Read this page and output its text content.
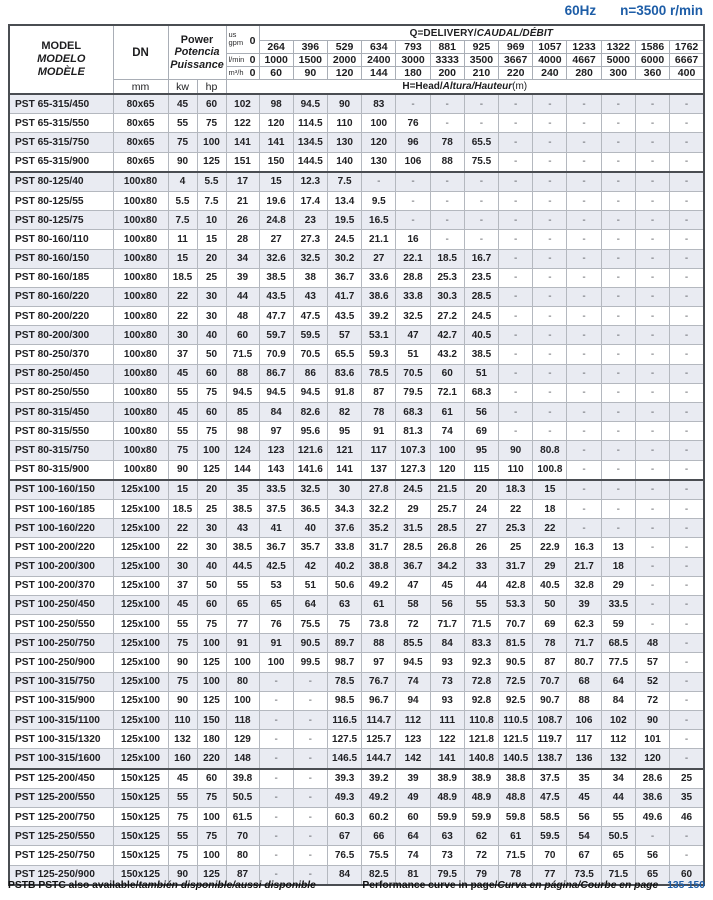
60Hz n=3500 r/min
MODEL
MODELO
MODÈLE
	DN	
Power
Potencia
Puissance

us
gpm 0
	Q=DELIVERY/CAUDAL/DÉBIT
					264	396	529	634	793	881	925	969	1057	1233	1322	1586	1762

				l/min 0	1000	1500	2000	2400	3000	3333	3500	3667	4000	4667	5000	6000	6667

				m³/h 0	60	90	120	144	180	200	210	220	240	280	300	360	400
	mm	kw	hp	H=Head/Altura/Hauteur(m)													
PST 65-315/450	80x65	45	60	102	98	94.5	90	83	-	-	-	-	-	-	-	-	-
PST 65-315/550	80x65	55	75	122	120	114.5	110	100	76	-	-	-	-	-	-	-	-
PST 65-315/750	80x65	75	100	141	141	134.5	130	120	96	78	65.5	-	-	-	-	-	-
PST 65-315/900	80x65	90	125	151	150	144.5	140	130	106	88	75.5	-	-	-	-	-	-
PST 80-125/40	100x80	4	5.5	17	15	12.3	7.5	-	-	-	-	-	-	-	-	-	-
PST 80-125/55	100x80	5.5	7.5	21	19.6	17.4	13.4	9.5	-	-	-	-	-	-	-	-	-
PST 80-125/75	100x80	7.5	10	26	24.8	23	19.5	16.5	-	-	-	-	-	-	-	-	-
PST 80-160/110	100x80	11	15	28	27	27.3	24.5	21.1	16	-	-	-	-	-	-	-	-
PST 80-160/150	100x80	15	20	34	32.6	32.5	30.2	27	22.1	18.5	16.7	-	-	-	-	-	-
PST 80-160/185	100x80	18.5	25	39	38.5	38	36.7	33.6	28.8	25.3	23.5	-	-	-	-	-	-
PST 80-160/220	100x80	22	30	44	43.5	43	41.7	38.6	33.8	30.3	28.5	-	-	-	-	-	-
PST 80-200/220	100x80	22	30	48	47.7	47.5	43.5	39.2	32.5	27.2	24.5	-	-	-	-	-	-
PST 80-200/300	100x80	30	40	60	59.7	59.5	57	53.1	47	42.7	40.5	-	-	-	-	-	-
PST 80-250/370	100x80	37	50	71.5	70.9	70.5	65.5	59.3	51	43.2	38.5	-	-	-	-	-	-
PST 80-250/450	100x80	45	60	88	86.7	86	83.6	78.5	70.5	60	51	-	-	-	-	-	-
PST 80-250/550	100x80	55	75	94.5	94.5	94.5	91.8	87	79.5	72.1	68.3	-	-	-	-	-	-
PST 80-315/450	100x80	45	60	85	84	82.6	82	78	68.3	61	56	-	-	-	-	-	-
PST 80-315/550	100x80	55	75	98	97	95.6	95	91	81.3	74	69	-	-	-	-	-	-
PST 80-315/750	100x80	75	100	124	123	121.6	121	117	107.3	100	95	90	80.8	-	-	-	-
PST 80-315/900	100x80	90	125	144	143	141.6	141	137	127.3	120	115	110	100.8	-	-	-	-
PST 100-160/150	125x100	15	20	35	33.5	32.5	30	27.8	24.5	21.5	20	18.3	15	-	-	-	-
PST 100-160/185	125x100	18.5	25	38.5	37.5	36.5	34.3	32.2	29	25.7	24	22	18	-	-	-	-
PST 100-160/220	125x100	22	30	43	41	40	37.6	35.2	31.5	28.5	27	25.3	22	-	-	-	-
PST 100-200/220	125x100	22	30	38.5	36.7	35.7	33.8	31.7	28.5	26.8	26	25	22.9	16.3	13	-	-
PST 100-200/300	125x100	30	40	44.5	42.5	42	40.2	38.8	36.7	34.2	33	31.7	29	21.7	18	-	-
PST 100-200/370	125x100	37	50	55	53	51	50.6	49.2	47	45	44	42.8	40.5	32.8	29	-	-
PST 100-250/450	125x100	45	60	65	65	64	63	61	58	56	55	53.3	50	39	33.5	-	-
PST 100-250/550	125x100	55	75	77	76	75.5	75	73.8	72	71.7	71.5	70.7	69	62.3	59	-	-
PST 100-250/750	125x100	75	100	91	91	90.5	89.7	88	85.5	84	83.3	81.5	78	71.7	68.5	48	-
PST 100-250/900	125x100	90	125	100	100	99.5	98.7	97	94.5	93	92.3	90.5	87	80.7	77.5	57	-
PST 100-315/750	125x100	75	100	80	-	-	78.5	76.7	74	73	72.8	72.5	70.7	68	64	52	-
PST 100-315/900	125x100	90	125	100	-	-	98.5	96.7	94	93	92.8	92.5	90.7	88	84	72	-
PST 100-315/1100	125x100	110	150	118	-	-	116.5	114.7	112	111	110.8	110.5	108.7	106	102	90	-
PST 100-315/1320	125x100	132	180	129	-	-	127.5	125.7	123	122	121.8	121.5	119.7	117	112	101	-
PST 100-315/1600	125x100	160	220	148	-	-	146.5	144.7	142	141	140.8	140.5	138.7	136	132	120	-
PST 125-200/450	150x125	45	60	39.8	-	-	39.3	39.2	39	38.9	38.9	38.8	37.5	35	34	28.6	25
PST 125-200/550	150x125	55	75	50.5	-	-	49.3	49.2	49	48.9	48.9	48.8	47.5	45	44	38.6	35
PST 125-200/750	150x125	75	100	61.5	-	-	60.3	60.2	60	59.9	59.9	59.8	58.5	56	55	49.6	46
PST 125-250/550	150x125	55	75	70	-	-	67	66	64	63	62	61	59.5	54	50.5	-	-
PST 125-250/750	150x125	75	100	80	-	-	76.5	75.5	74	73	72	71.5	70	67	65	56	-
PST 125-250/900	150x125	90	125	87	-	-	84	82.5	81	79.5	79	78	77	73.5	71.5	65	60
PSTB PSTC also available/también disponible/aussi disponible	Performance curve in page/Curva en página/Courbe en page 135-150
